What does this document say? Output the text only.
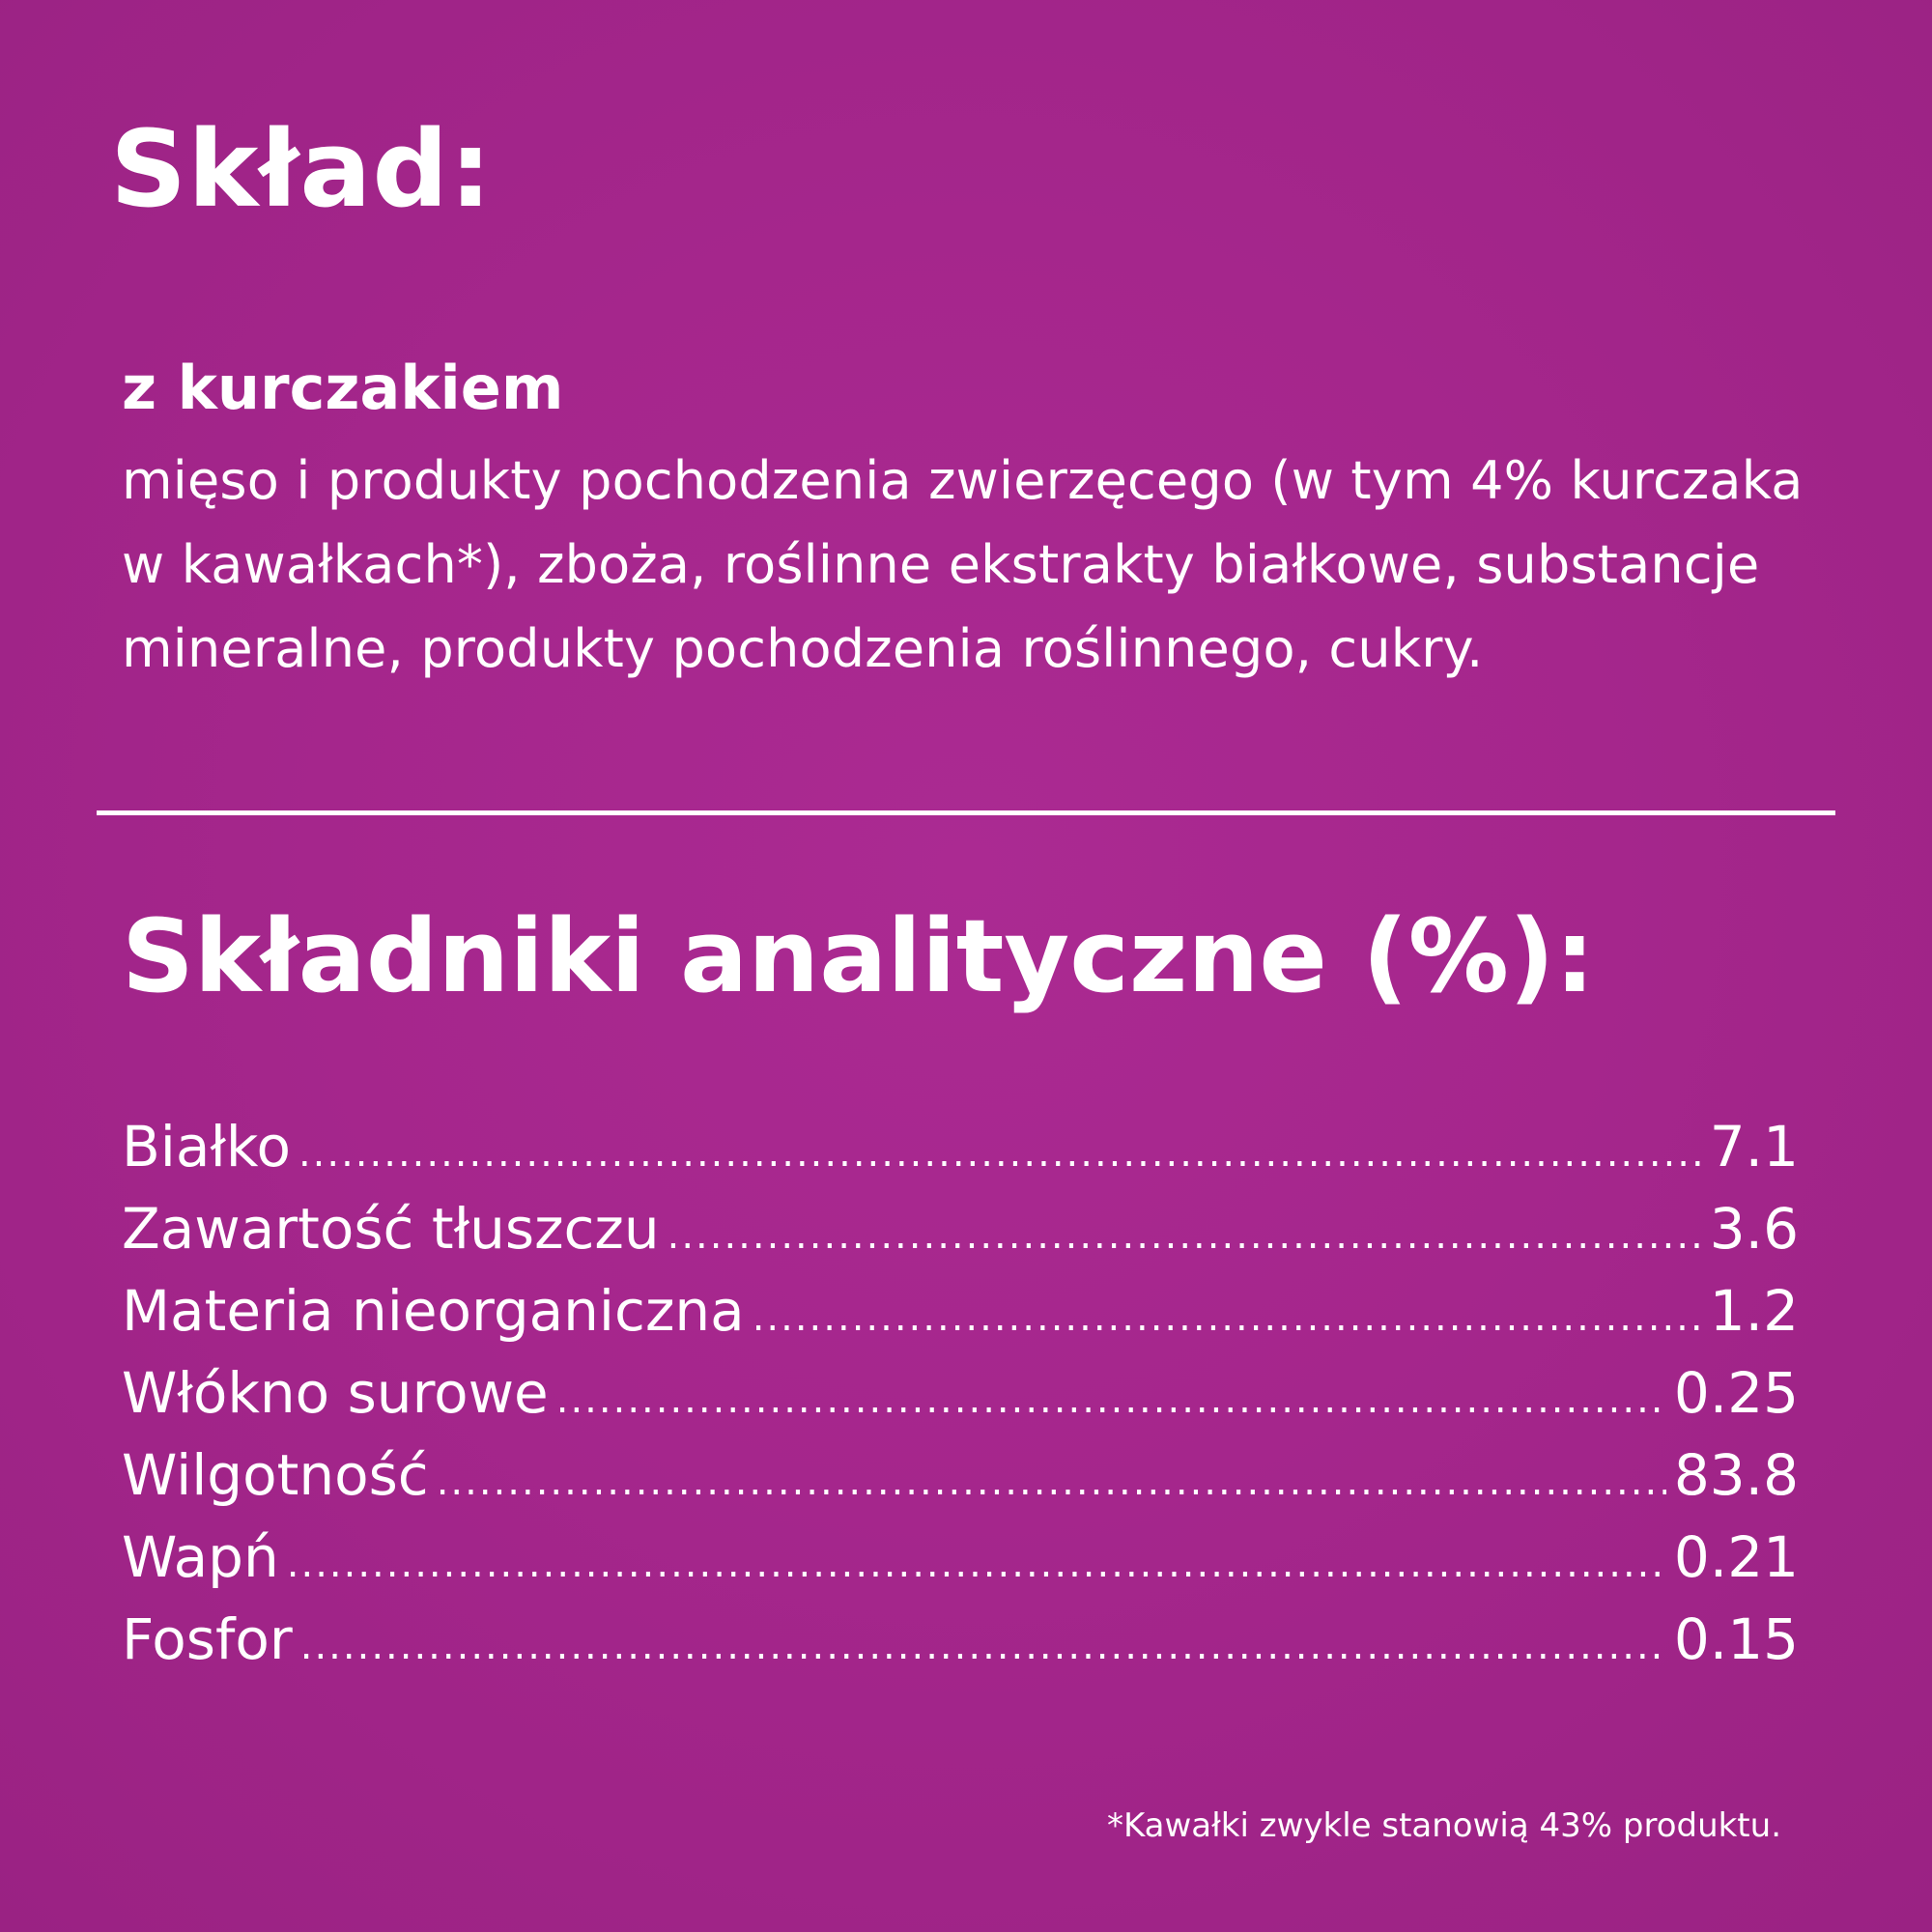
Skład:

z kurczakiem

mięso i produkty pochodzenia zwierzęcego (w tym 4% kurczaka w kawałkach*), zboża, roślinne ekstrakty białkowe, substancje mineralne, produkty pochodzenia roślinnego, cukry.

Składniki analityczne (%):
Białko .....	7.1
Zawartość tłuszczu .....	3.6
Materia nieorganiczna .....	1.2
Włókno surowe .....	0.25
Wilgotność .....	83.8
Wapń .....	0.21
Fosfor .....	0.15

*Kawałki zwykle stanowią 43% produktu.
